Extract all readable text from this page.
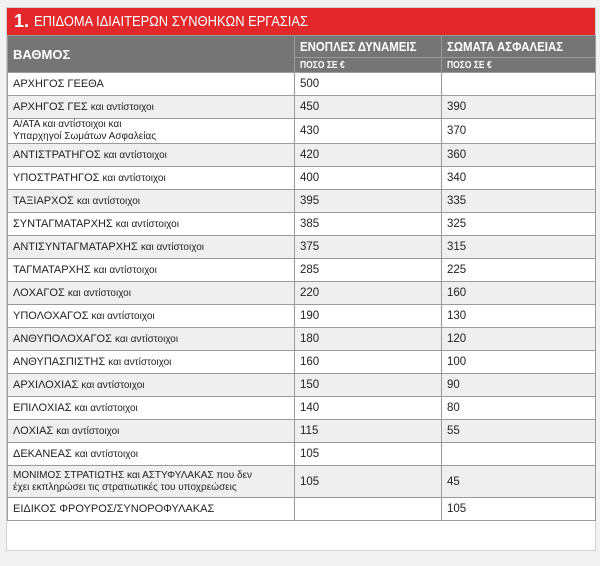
1. ΕΠΙΔΟΜΑ ΙΔΙΑΙΤΕΡΩΝ ΣΥΝΘΗΚΩΝ ΕΡΓΑΣΙΑΣ
ΒΑΘΜΟΣ	ΕΝΟΠΛΕΣ ΔΥΝΑΜΕΙΣ	ΣΩΜΑΤΑ ΑΣΦΑΛΕΙΑΣ
	ΠΟΣΟ ΣΕ €	ΠΟΣΟ ΣΕ €
ΑΡΧΗΓΟΣ ΓΕΕΘΑ	500	
ΑΡΧΗΓΟΣ ΓΕΣ και αντίστοιχοι	450	390
Α/ΑΤΑ και αντίστοιχοι και
Υπαρχηγοί Σωμάτων Ασφαλείας	430	370
ΑΝΤΙΣΤΡΑΤΗΓΟΣ και αντίστοιχοι	420	360
ΥΠΟΣΤΡΑΤΗΓΟΣ και αντίστοιχοι	400	340
ΤΑΞΙΑΡΧΟΣ και αντίστοιχοι	395	335
ΣΥΝΤΑΓΜΑΤΑΡΧΗΣ και αντίστοιχοι	385	325
ΑΝΤΙΣΥΝΤΑΓΜΑΤΑΡΧΗΣ και αντίστοιχοι	375	315
ΤΑΓΜΑΤΑΡΧΗΣ και αντίστοιχοι	285	225
ΛΟΧΑΓΟΣ και αντίστοιχοι	220	160
ΥΠΟΛΟΧΑΓΟΣ και αντίστοιχοι	190	130
ΑΝΘΥΠΟΛΟΧΑΓΟΣ και αντίστοιχοι	180	120
ΑΝΘΥΠΑΣΠΙΣΤΗΣ και αντίστοιχοι	160	100
ΑΡΧΙΛΟΧΙΑΣ και αντίστοιχοι	150	90
ΕΠΙΛΟΧΙΑΣ και αντίστοιχοι	140	80
ΛΟΧΙΑΣ και αντίστοιχοι	115	55
ΔΕΚΑΝΕΑΣ και αντίστοιχοι	105	
ΜΟΝΙΜΟΣ ΣΤΡΑΤΙΩΤΗΣ και ΑΣΤΥΦΥΛΑΚΑΣ που δεν
έχει εκπληρώσει τις στρατιωτικές του υποχρεώσεις	105	45
ΕΙΔΙΚΟΣ ΦΡΟΥΡΟΣ/ΣΥΝΟΡΟΦΥΛΑΚΑΣ		105
